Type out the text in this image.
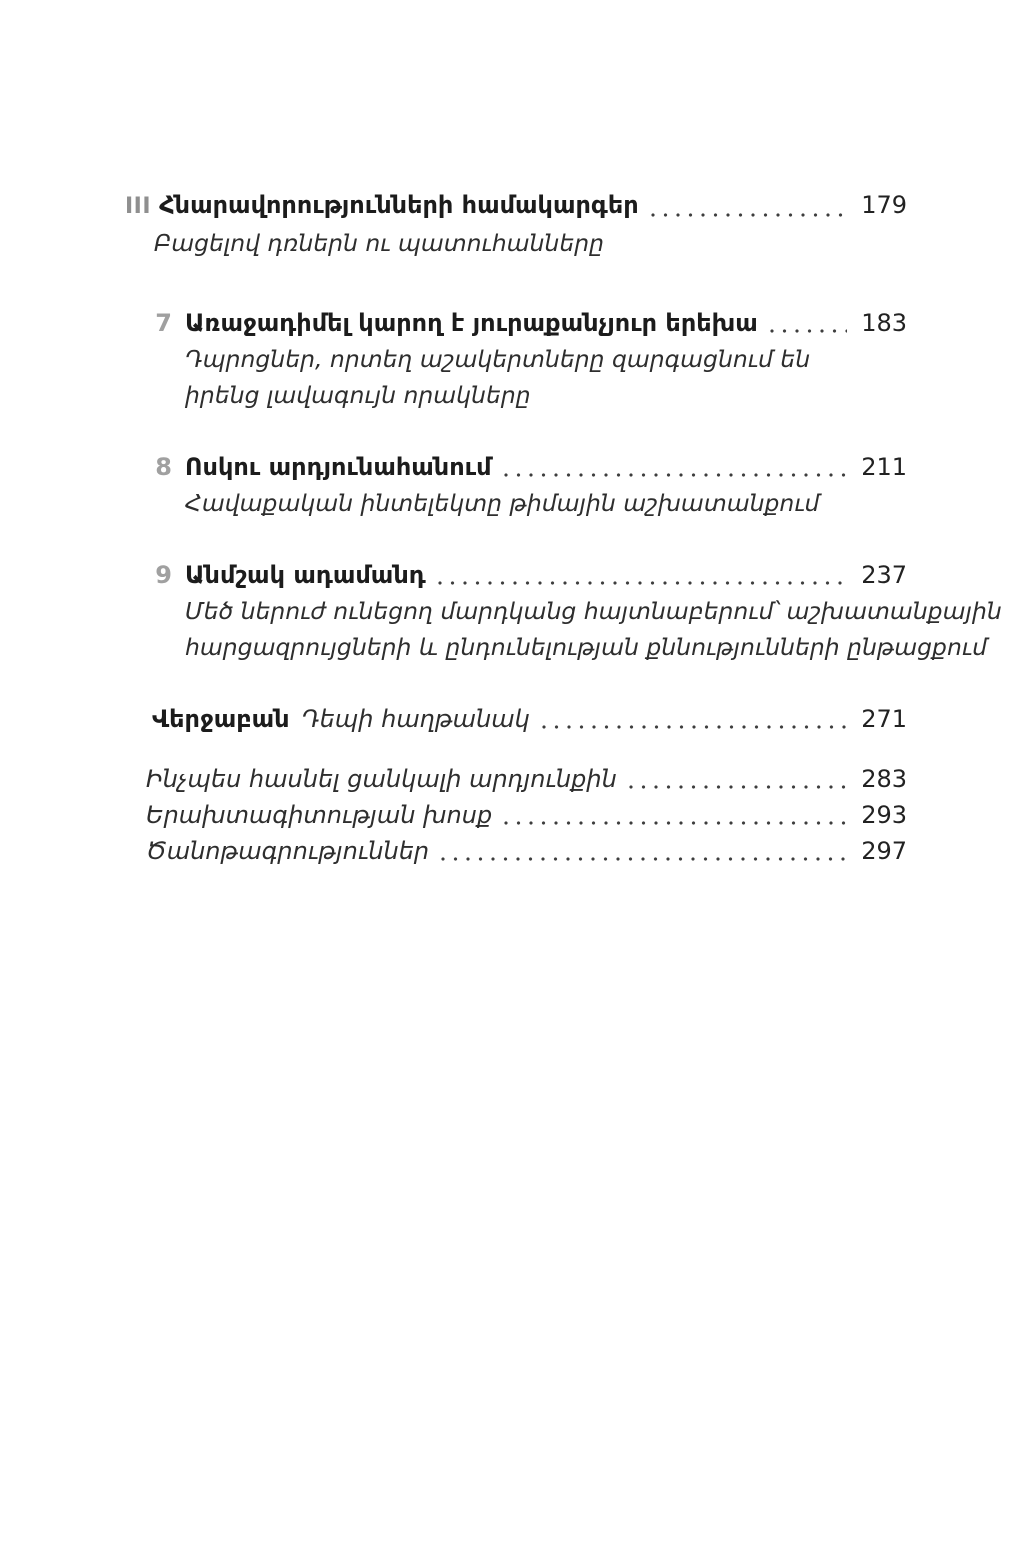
III Հնարավորությունների համակարգեր	179
Բացելով դռներն ու պատուհանները
7 Առաջադիմել կարող է յուրաքանչյուր երեխա	183
Դպրոցներ, որտեղ աշակերտները զարգացնում են
իրենց լավագույն որակները
8 Ոսկու արդյունահանում	211
Հավաքական ինտելեկտը թիմային աշխատանքում
9 Անմշակ ադամանդ	237
Մեծ ներուժ ունեցող մարդկանց հայտնաբերում՝ աշխատանքային
հարցազրույցների և ընդունելության քննությունների ընթացքում
Վերջաբան Դեպի հաղթանակ	271
Ինչպես հասնել ցանկալի արդյունքին	283
Երախտագիտության խոսք	293
Ծանոթագրություններ	297
